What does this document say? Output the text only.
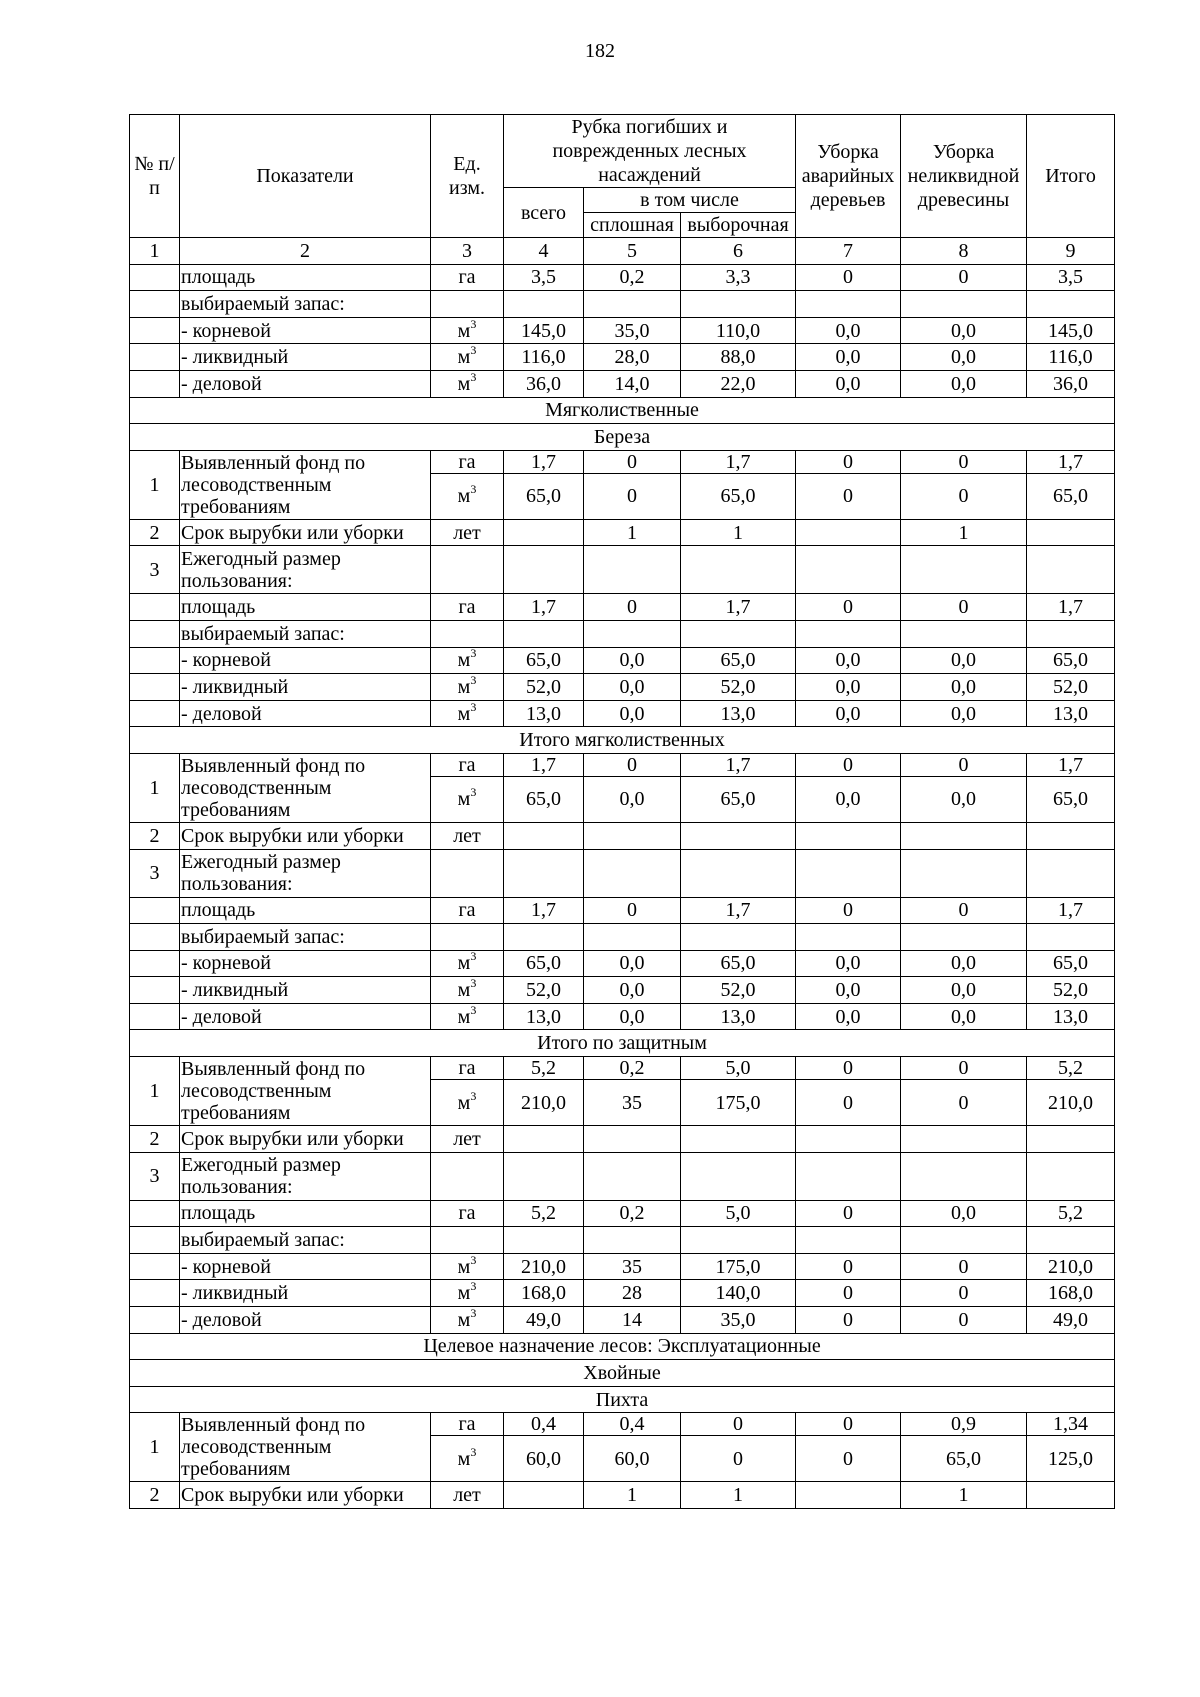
182
№ п/п	Показатели	Ед. изм.	Рубка погибших и поврежденных лесных насаждений			Уборка аварийных деревьев	Уборка неликвидной древесины	Итого
			всего	в том числе				
				сплошная	выборочная			

1	2	3	4	5	6	7	8	9
	площадь	га	3,5	0,2	3,3	0	0	3,5
	выбираемый запас:							
	- корневой	$м^3$	145,0	35,0	110,0	0,0	0,0	145,0
	- ликвидный	$м^3$	116,0	28,0	88,0	0,0	0,0	116,0
	- деловой	$м^3$	36,0	14,0	22,0	0,0	0,0	36,0
Мягколиственные								
Береза								
1	Выявленный фонд по лесоводственным требованиям	га	1,7	0	1,7	0	0	1,7
		$м^3$	65,0	0	65,0	0	0	65,0
2	Срок вырубки или уборки	лет		1	1		1	
3	Ежегодный размер пользования:							
	площадь	га	1,7	0	1,7	0	0	1,7
	выбираемый запас:							
	- корневой	$м^3$	65,0	0,0	65,0	0,0	0,0	65,0
	- ликвидный	$м^3$	52,0	0,0	52,0	0,0	0,0	52,0
	- деловой	$м^3$	13,0	0,0	13,0	0,0	0,0	13,0
Итого мягколиственных								
1	Выявленный фонд по лесоводственным требованиям	га	1,7	0	1,7	0	0	1,7
		$м^3$	65,0	0,0	65,0	0,0	0,0	65,0
2	Срок вырубки или уборки	лет						
3	Ежегодный размер пользования:							
	площадь	га	1,7	0	1,7	0	0	1,7
	выбираемый запас:							
	- корневой	$м^3$	65,0	0,0	65,0	0,0	0,0	65,0
	- ликвидный	$м^3$	52,0	0,0	52,0	0,0	0,0	52,0
	- деловой	$м^3$	13,0	0,0	13,0	0,0	0,0	13,0
Итого по защитным								
1	Выявленный фонд по лесоводственным требованиям	га	5,2	0,2	5,0	0	0	5,2
		$м^3$	210,0	35	175,0	0	0	210,0
2	Срок вырубки или уборки	лет						
3	Ежегодный размер пользования:							
	площадь	га	5,2	0,2	5,0	0	0,0	5,2
	выбираемый запас:							
	- корневой	$м^3$	210,0	35	175,0	0	0	210,0
	- ликвидный	$м^3$	168,0	28	140,0	0	0	168,0
	- деловой	$м^3$	49,0	14	35,0	0	0	49,0
Целевое назначение лесов: Эксплуатационные								
Хвойные								
Пихта								
1	Выявленный фонд по лесоводственным требованиям	га	0,4	0,4	0	0	0,9	1,34
		$м^3$	60,0	60,0	0	0	65,0	125,0
2	Срок вырубки или уборки	лет		1	1		1	
